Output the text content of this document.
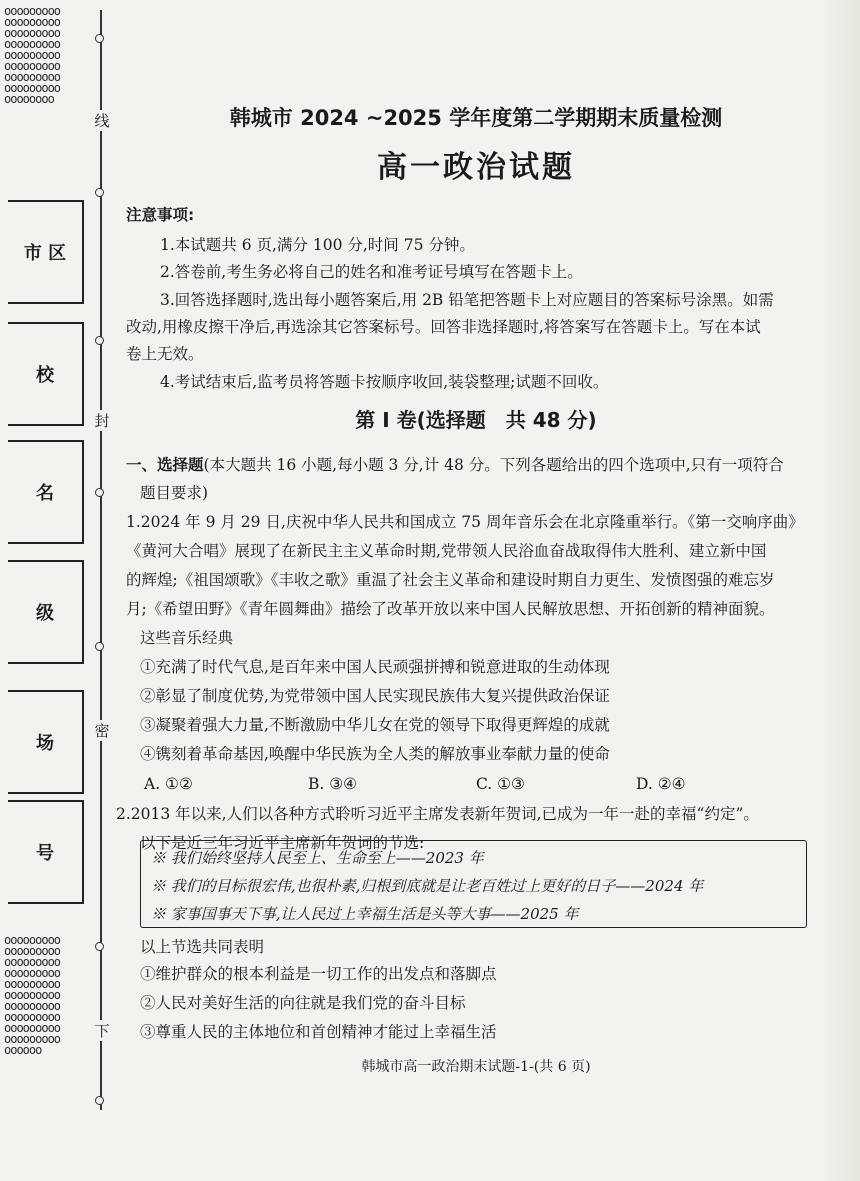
oooooooooooooooooooooooooooooooooooooooooooooooooooooooooooooooooooooooooooooooo
oooooooooooooooooooooooooooooooooooooooooooooooooooooooooooooooooooooooooooooooooooooooooooooooo
市 区
校
名
级
场
号
线
封
密
下
韩城市 2024 ~2025 学年度第二学期期末质量检测
高一政治试题
注意事项:
1.本试题共 6 页,满分 100 分,时间 75 分钟。
2.答卷前,考生务必将自己的姓名和准考证号填写在答题卡上。
3.回答选择题时,选出每小题答案后,用 2B 铅笔把答题卡上对应题目的答案标号涂黑。如需
改动,用橡皮擦干净后,再选涂其它答案标号。回答非选择题时,将答案写在答题卡上。写在本试
卷上无效。
4.考试结束后,监考员将答题卡按顺序收回,装袋整理;试题不回收。
第 Ⅰ 卷(选择题　共 48 分)
一、选择题(本大题共 16 小题,每小题 3 分,计 48 分。下列各题给出的四个选项中,只有一项符合
题目要求)
1.2024 年 9 月 29 日,庆祝中华人民共和国成立 75 周年音乐会在北京隆重举行。《第一交响序曲》
《黄河大合唱》展现了在新民主主义革命时期,党带领人民浴血奋战取得伟大胜利、建立新中国
的辉煌;《祖国颂歌》《丰收之歌》重温了社会主义革命和建设时期自力更生、发愤图强的难忘岁
月;《希望田野》《青年圆舞曲》描绘了改革开放以来中国人民解放思想、开拓创新的精神面貌。
这些音乐经典
①充满了时代气息,是百年来中国人民顽强拼搏和锐意进取的生动体现
②彰显了制度优势,为党带领中国人民实现民族伟大复兴提供政治保证
③凝聚着强大力量,不断激励中华儿女在党的领导下取得更辉煌的成就
④镌刻着革命基因,唤醒中华民族为全人类的解放事业奉献力量的使命
A. ①②	B. ③④	C. ①③	D. ②④
2.2013 年以来,人们以各种方式聆听习近平主席发表新年贺词,已成为一年一赴的幸福“约定”。
以下是近三年习近平主席新年贺词的节选:
※ 我们始终坚持人民至上、生命至上——2023 年
※ 我们的目标很宏伟,也很朴素,归根到底就是让老百姓过上更好的日子——2024 年
※ 家事国事天下事,让人民过上幸福生活是头等大事——2025 年
以上节选共同表明
①维护群众的根本利益是一切工作的出发点和落脚点
②人民对美好生活的向往就是我们党的奋斗目标
③尊重人民的主体地位和首创精神才能过上幸福生活
韩城市高一政治期末试题-1-(共 6 页)
